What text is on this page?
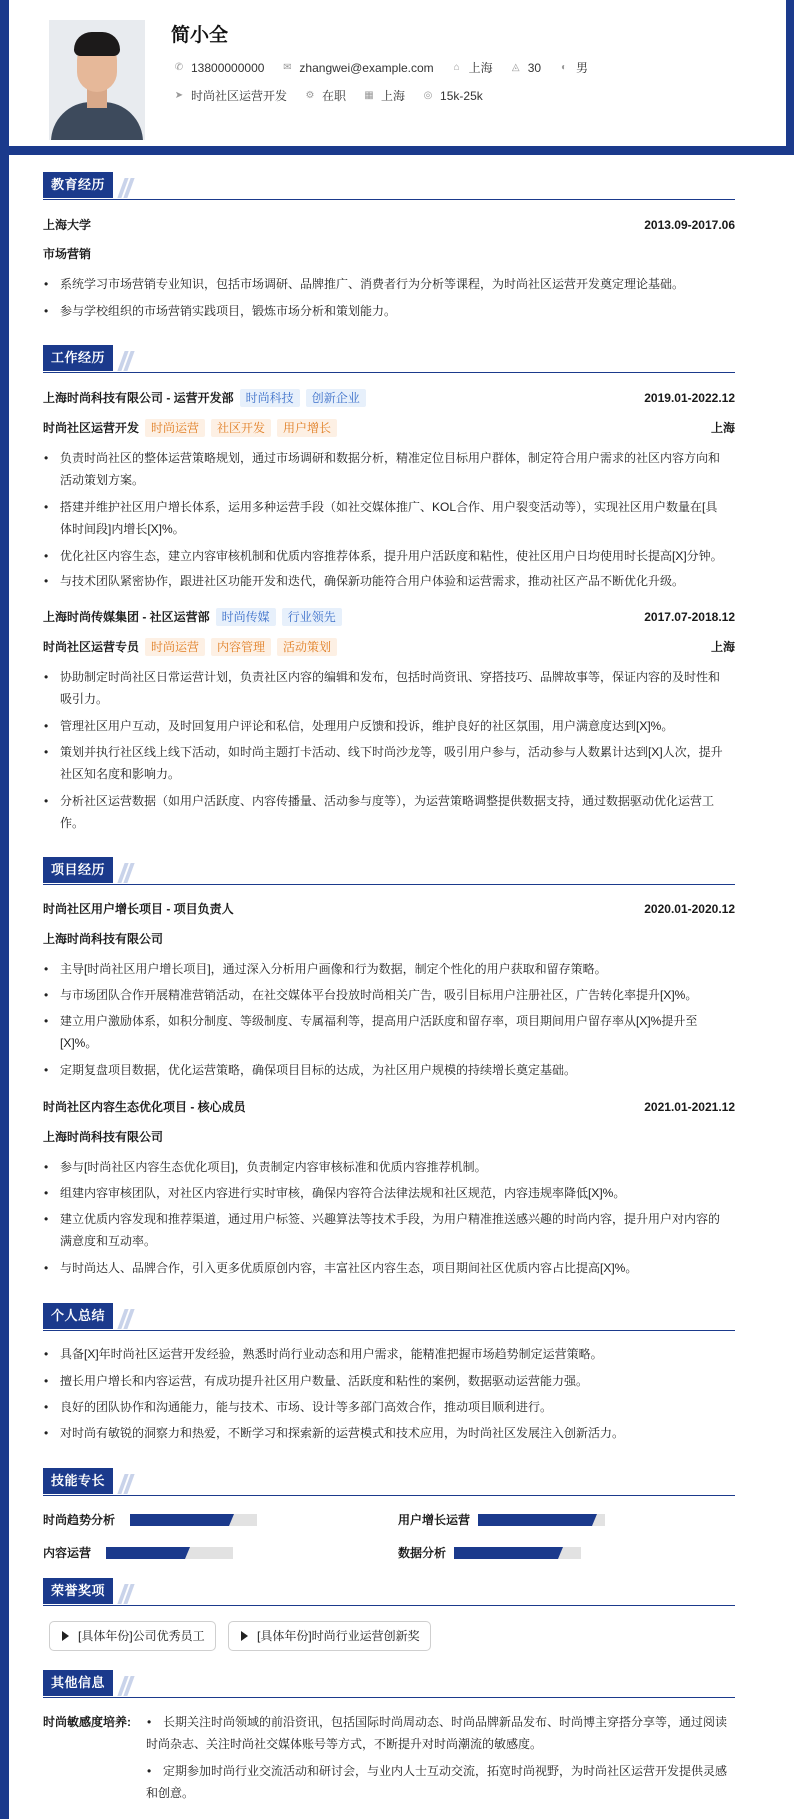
简小全
✆ 13800000000 ✉ zhangwei@example.com ⌂ 上海 ◬ 30 ◐ 男
➤ 时尚社区运营开发 ⚙ 在职 ▦ 上海 ◎ 15k-25k
教育经历
上海大学	2013.09-2017.06
市场营销
• 系统学习市场营销专业知识，包括市场调研、品牌推广、消费者行为分析等课程，为时尚社区运营开发奠定理论基础。
• 参与学校组织的市场营销实践项目，锻炼市场分析和策划能力。
工作经历
上海时尚科技有限公司 - 运营开发部 时尚科技 创新企业	2019.01-2022.12
时尚社区运营开发 时尚运营 社区开发 用户增长	上海
• 负责时尚社区的整体运营策略规划，通过市场调研和数据分析，精准定位目标用户群体，制定符合用户需求的社区内容方向和
活动策划方案。
• 搭建并维护社区用户增长体系，运用多种运营手段（如社交媒体推广、KOL合作、用户裂变活动等），实现社区用户数量在[具
体时间段]内增长[X]%。
• 优化社区内容生态，建立内容审核机制和优质内容推荐体系，提升用户活跃度和粘性，使社区用户日均使用时长提高[X]分钟。
• 与技术团队紧密协作，跟进社区功能开发和迭代，确保新功能符合用户体验和运营需求，推动社区产品不断优化升级。
上海时尚传媒集团 - 社区运营部 时尚传媒 行业领先	2017.07-2018.12
时尚社区运营专员 时尚运营 内容管理 活动策划	上海
• 协助制定时尚社区日常运营计划，负责社区内容的编辑和发布，包括时尚资讯、穿搭技巧、品牌故事等，保证内容的及时性和
吸引力。
• 管理社区用户互动，及时回复用户评论和私信，处理用户反馈和投诉，维护良好的社区氛围，用户满意度达到[X]%。
• 策划并执行社区线上线下活动，如时尚主题打卡活动、线下时尚沙龙等，吸引用户参与，活动参与人数累计达到[X]人次，提升
社区知名度和影响力。
• 分析社区运营数据（如用户活跃度、内容传播量、活动参与度等），为运营策略调整提供数据支持，通过数据驱动优化运营工
作。
项目经历
时尚社区用户增长项目 - 项目负责人	2020.01-2020.12
上海时尚科技有限公司
• 主导[时尚社区用户增长项目]，通过深入分析用户画像和行为数据，制定个性化的用户获取和留存策略。
• 与市场团队合作开展精准营销活动，在社交媒体平台投放时尚相关广告，吸引目标用户注册社区，广告转化率提升[X]%。
• 建立用户激励体系，如积分制度、等级制度、专属福利等，提高用户活跃度和留存率，项目期间用户留存率从[X]%提升至
[X]%。
• 定期复盘项目数据，优化运营策略，确保项目目标的达成，为社区用户规模的持续增长奠定基础。
时尚社区内容生态优化项目 - 核心成员	2021.01-2021.12
上海时尚科技有限公司
• 参与[时尚社区内容生态优化项目]，负责制定内容审核标准和优质内容推荐机制。
• 组建内容审核团队，对社区内容进行实时审核，确保内容符合法律法规和社区规范，内容违规率降低[X]%。
• 建立优质内容发现和推荐渠道，通过用户标签、兴趣算法等技术手段，为用户精准推送感兴趣的时尚内容，提升用户对内容的
满意度和互动率。
• 与时尚达人、品牌合作，引入更多优质原创内容，丰富社区内容生态，项目期间社区优质内容占比提高[X]%。
个人总结
• 具备[X]年时尚社区运营开发经验，熟悉时尚行业动态和用户需求，能精准把握市场趋势制定运营策略。
• 擅长用户增长和内容运营，有成功提升社区用户数量、活跃度和粘性的案例，数据驱动运营能力强。
• 良好的团队协作和沟通能力，能与技术、市场、设计等多部门高效合作，推动项目顺利进行。
• 对时尚有敏锐的洞察力和热爱，不断学习和探索新的运营模式和技术应用，为时尚社区发展注入创新活力。
技能专长
时尚趋势分析	用户增长运营
内容运营	数据分析
荣誉奖项
[具体年份]公司优秀员工	[具体年份]时尚行业运营创新奖
其他信息
时尚敏感度培养:
•	长期关注时尚领域的前沿资讯，包括国际时尚周动态、时尚品牌新品发布、时尚博主穿搭分享等，通过阅读
时尚杂志、关注时尚社交媒体账号等方式，不断提升对时尚潮流的敏感度。
• 定期参加时尚行业交流活动和研讨会，与业内人士互动交流，拓宽时尚视野，为时尚社区运营开发提供灵感
和创意。
